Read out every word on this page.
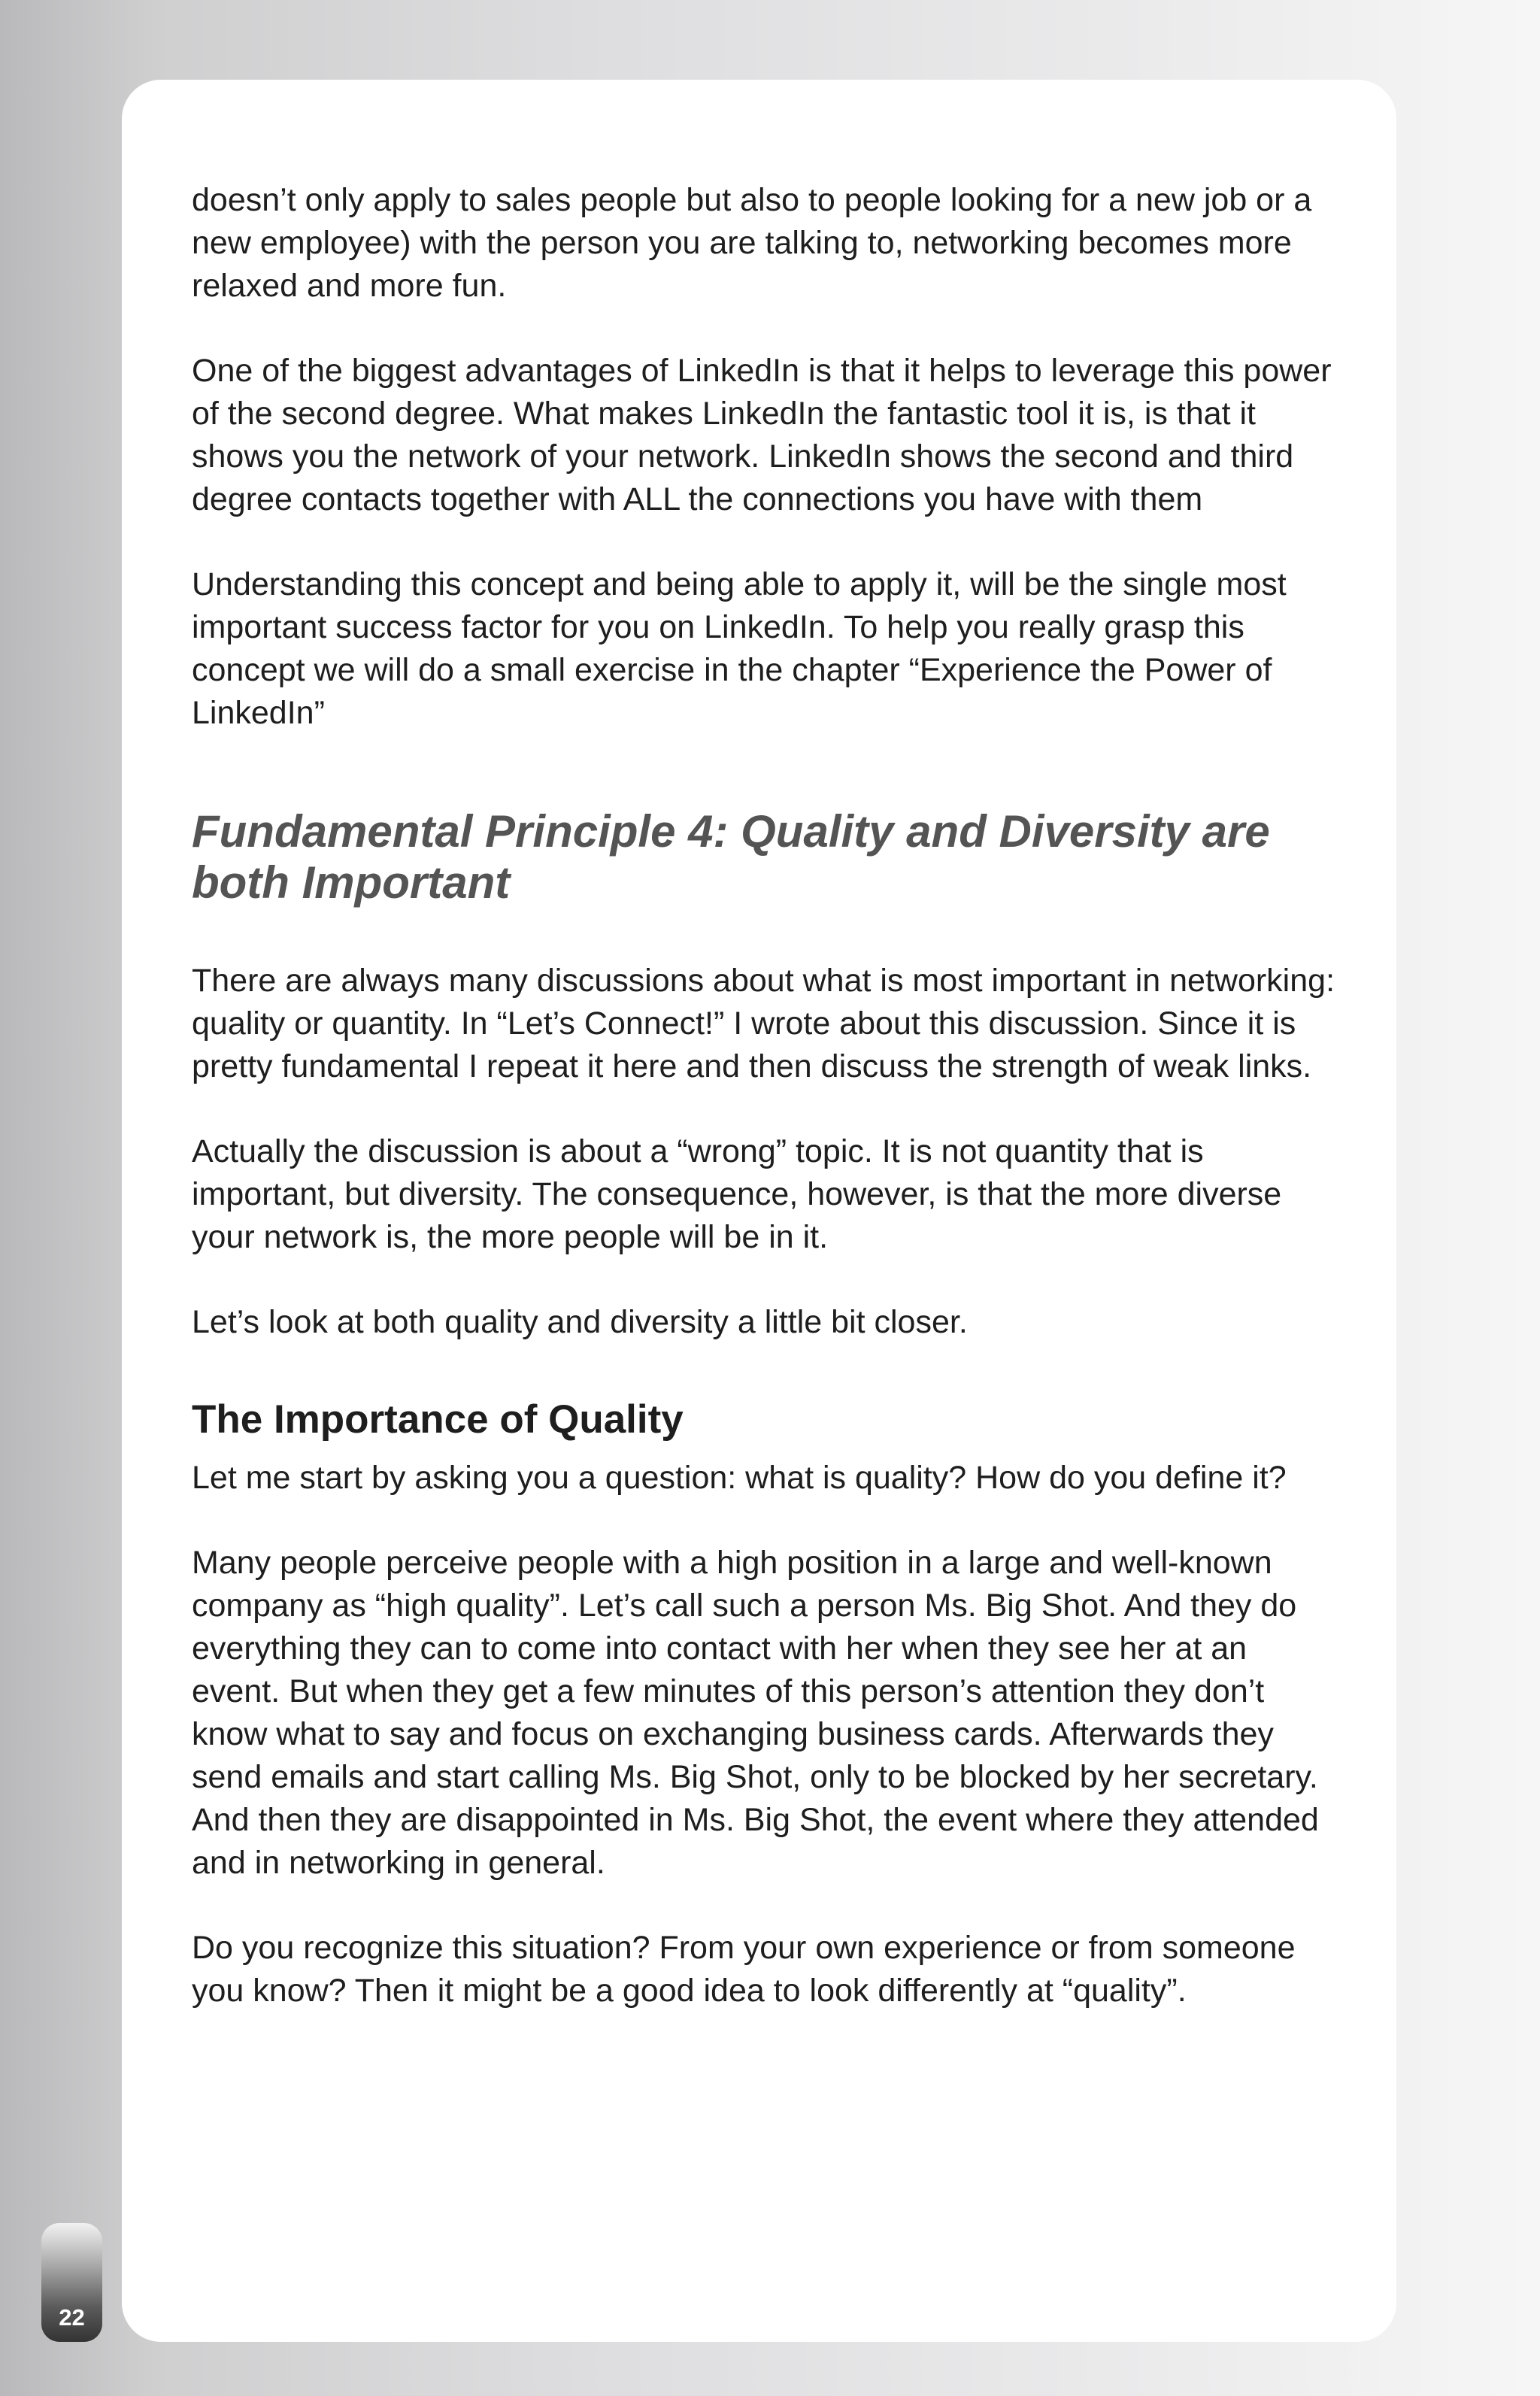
doesn’t only apply to sales people but also to people looking for a new job or a new employee) with the person you are talking to, networking becomes more relaxed and more fun.

One of the biggest advantages of LinkedIn is that it helps to leverage this power of the second degree. What makes LinkedIn the fantastic tool it is, is that it shows you the network of your network. LinkedIn shows the second and third degree contacts together with ALL the connections you have with them

Understanding this concept and being able to apply it, will be the single most important success factor for you on LinkedIn. To help you really grasp this concept we will do a small exercise in the chapter “Experience the Power of LinkedIn”

Fundamental Principle 4: Quality and Diversity are both Important

There are always many discussions about what is most important in networking: quality or quantity. In “Let’s Connect!” I wrote about this discussion. Since it is pretty fundamental I repeat it here and then discuss the strength of weak links.

Actually the discussion is about a “wrong” topic. It is not quantity that is important, but diversity. The consequence, however, is that the more diverse your network is, the more people will be in it.

Let’s look at both quality and diversity a little bit closer.

The Importance of Quality

Let me start by asking you a question: what is quality? How do you define it?

Many people perceive people with a high position in a large and well-known company as “high quality”. Let’s call such a person Ms. Big Shot. And they do everything they can to come into contact with her when they see her at an event. But when they get a few minutes of this person’s attention they don’t know what to say and focus on exchanging business cards. Afterwards they send emails and start calling Ms. Big Shot, only to be blocked by her secretary. And then they are disappointed in Ms. Big Shot, the event where they attended and in networking in general.

Do you recognize this situation? From your own experience or from someone you know? Then it might be a good idea to look differently at “quality”.

22
